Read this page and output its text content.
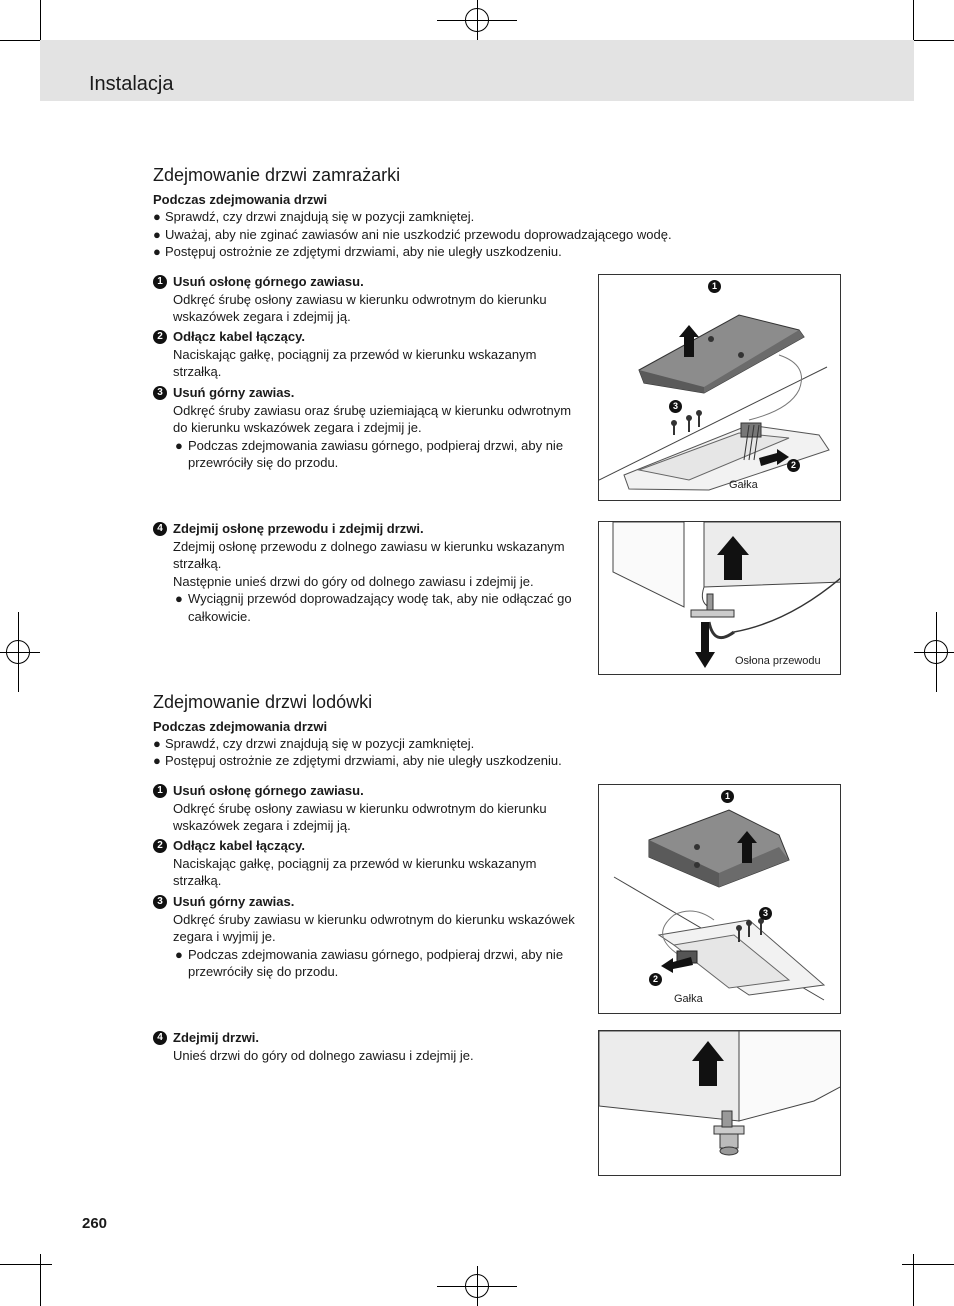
Instalacja
Zdejmowanie drzwi zamrażarki
Podczas zdejmowania drzwi
● Sprawdź, czy drzwi znajdują się w pozycji zamkniętej.
● Uważaj, aby nie zginać zawiasów ani nie uszkodzić przewodu doprowadzającego wodę.
● Postępuj ostrożnie ze zdjętymi drzwiami, aby nie uległy uszkodzeniu.
1 Usuń osłonę górnego zawiasu.
Odkręć śrubę osłony zawiasu w kierunku odwrotnym do kierunku wskazówek zegara i zdejmij ją.
2 Odłącz kabel łączący.
Naciskając gałkę, pociągnij za przewód w kierunku wskazanym strzałką.
3 Usuń górny zawias.
Odkręć śruby zawiasu oraz śrubę uziemiającą w kierunku odwrotnym do kierunku wskazówek zegara i zdejmij je.
● Podczas zdejmowania zawiasu górnego, podpieraj drzwi, aby nie przewróciły się do przodu.
4 Zdejmij osłonę przewodu i zdejmij drzwi.
Zdejmij osłonę przewodu z dolnego zawiasu w kierunku wskazanym strzałką.
Następnie unieś drzwi do góry od dolnego zawiasu i zdejmij je.
● Wyciągnij przewód doprowadzający wodę tak, aby nie odłączać go całkowicie.
1
2
3
Gałka
Osłona przewodu
Zdejmowanie drzwi lodówki
Podczas zdejmowania drzwi
● Sprawdź, czy drzwi znajdują się w pozycji zamkniętej.
● Postępuj ostrożnie ze zdjętymi drzwiami, aby nie uległy uszkodzeniu.
1 Usuń osłonę górnego zawiasu.
Odkręć śrubę osłony zawiasu w kierunku odwrotnym do kierunku wskazówek zegara i zdejmij ją.
2 Odłącz kabel łączący.
Naciskając gałkę, pociągnij za przewód w kierunku wskazanym strzałką.
3 Usuń górny zawias.
Odkręć śruby zawiasu w kierunku odwrotnym do kierunku wskazówek zegara i wyjmij je.
● Podczas zdejmowania zawiasu górnego, podpieraj drzwi, aby nie przewróciły się do przodu.
4 Zdejmij drzwi.
Unieś drzwi do góry od dolnego zawiasu i zdejmij je.
1
2
3
Gałka
260
